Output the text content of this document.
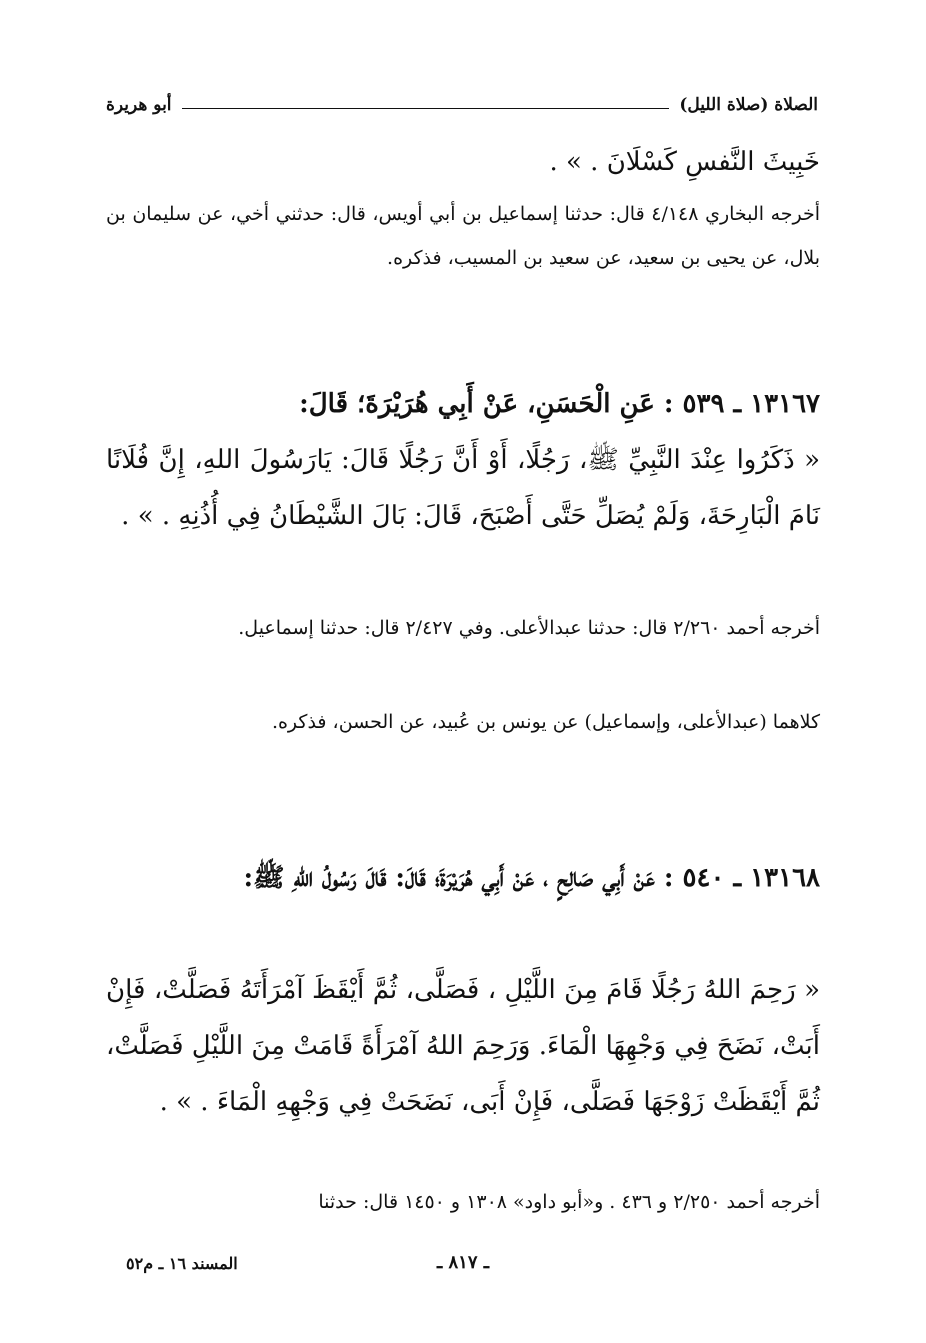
الصلاة (صلاة الليل)
أبو هريرة
خَبِيثَ النَّفسِ كَسْلَانَ . » .
أخرجه البخاري ٤/١٤٨ قال: حدثنا إسماعيل بن أبي أويس، قال: حدثني أخي، عن سليمان بن بلال، عن يحيى بن سعيد، عن سعيد بن المسيب، فذكره.
١٣١٦٧ ـ ٥٣٩ : عَنِ الْحَسَنِ، عَنْ أَبِي هُرَيْرَةَ؛ قَالَ:
« ذَكَرُوا عِنْدَ النَّبِيِّ ﷺ، رَجُلًا، أَوْ أَنَّ رَجُلًا قَالَ: يَارَسُولَ اللهِ، إِنَّ فُلَانًا نَامَ الْبَارِحَةَ، وَلَمْ يُصَلِّ حَتَّى أَصْبَحَ، قَالَ: بَالَ الشَّيْطَانُ فِي أُذُنِهِ . » .
أخرجه أحمد ٢/٢٦٠ قال: حدثنا عبدالأعلى. وفي ٢/٤٢٧ قال: حدثنا إسماعيل.
كلاهما (عبدالأعلى، وإسماعيل) عن يونس بن عُبيد، عن الحسن، فذكره.
١٣١٦٨ ـ ٥٤٠ : عَنْ أَبِي صَالِحٍ ، عَنْ أَبِي هُرَيْرَةَ؛ قَالَ: قَالَ رَسُولُ اللهِ ﷺ:
« رَحِمَ اللهُ رَجُلًا قَامَ مِنَ اللَّيْلِ ، فَصَلَّى، ثُمَّ أَيْقَظَ آمْرَأَتَهُ فَصَلَّتْ، فَإِنْ أَبَتْ، نَضَحَ فِي وَجْهِهَا الْمَاءَ. وَرَحِمَ اللهُ آمْرَأَةً قَامَتْ مِنَ اللَّيْلِ فَصَلَّتْ، ثُمَّ أَيْقَظَتْ زَوْجَهَا فَصَلَّى، فَإِنْ أَبَى، نَضَحَتْ فِي وَجْهِهِ الْمَاءَ . » .
أخرجه أحمد ٢/٢٥٠ و ٤٣٦ . و«أبو داود» ١٣٠٨ و ١٤٥٠ قال: حدثنا
ـ ٨١٧ ـ
المسند ١٦ ـ م٥٢
